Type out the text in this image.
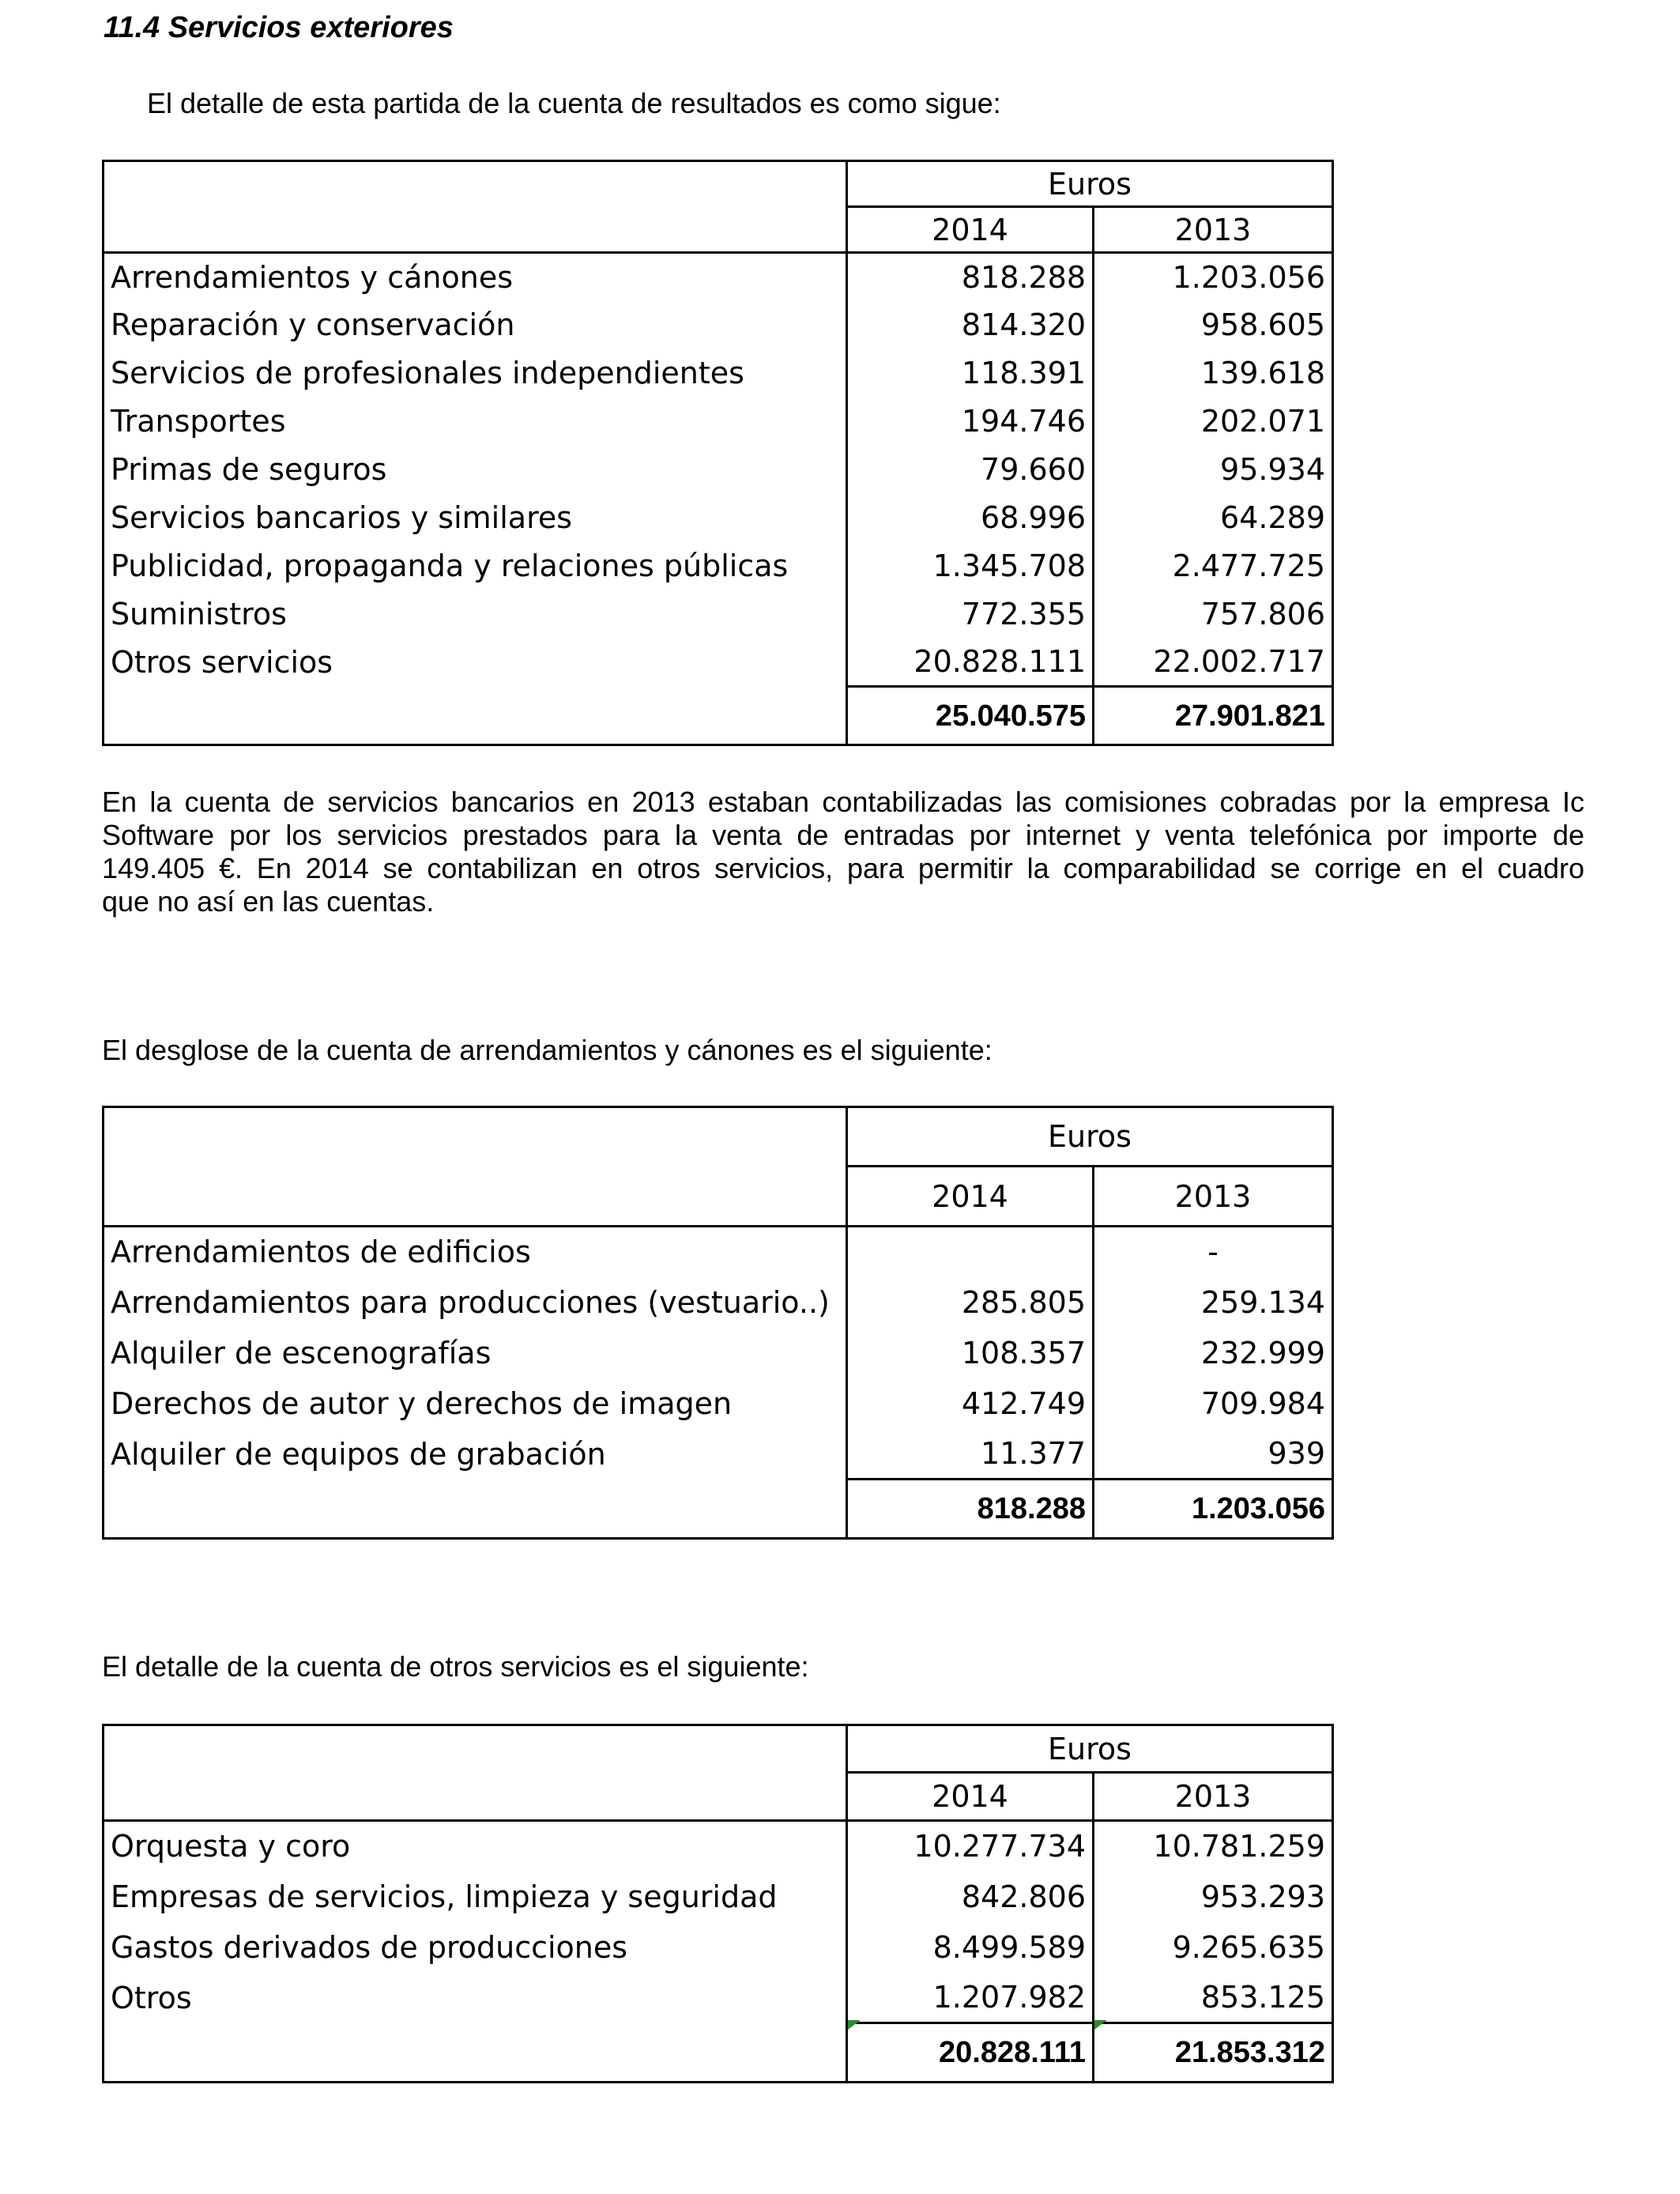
11.4 Servicios exteriores
El detalle de esta partida de la cuenta de resultados es como sigue:
	Euros	
	2014	2013
Arrendamientos y cánones	818.288	1.203.056
Reparación y conservación	814.320	958.605
Servicios de profesionales independientes	118.391	139.618
Transportes	194.746	202.071
Primas de seguros	79.660	95.934
Servicios bancarios y similares	68.996	64.289
Publicidad, propaganda y relaciones públicas	1.345.708	2.477.725
Suministros	772.355	757.806
Otros servicios	20.828.111	22.002.717
	25.040.575	27.901.821
En la cuenta de servicios bancarios en 2013 estaban contabilizadas las comisiones cobradas por la empresa Ic
Software por los servicios prestados para la venta de entradas por internet y venta telefónica por importe de
149.405 €. En 2014 se contabilizan en otros servicios, para permitir la comparabilidad se corrige en el cuadro
que no así en las cuentas.
El desglose de la cuenta de arrendamientos y cánones es el siguiente:
	Euros	
	2014	2013
Arrendamientos de edificios		-
Arrendamientos para producciones (vestuario..)	285.805	259.134
Alquiler de escenografías	108.357	232.999
Derechos de autor y derechos de imagen	412.749	709.984
Alquiler de equipos de grabación	11.377	939
	818.288	1.203.056
El detalle de la cuenta de otros servicios es el siguiente:
	Euros	
	2014	2013
Orquesta y coro	10.277.734	10.781.259
Empresas de servicios, limpieza y seguridad	842.806	953.293
Gastos derivados de producciones	8.499.589	9.265.635
Otros	1.207.982	853.125
	20.828.111	21.853.312
